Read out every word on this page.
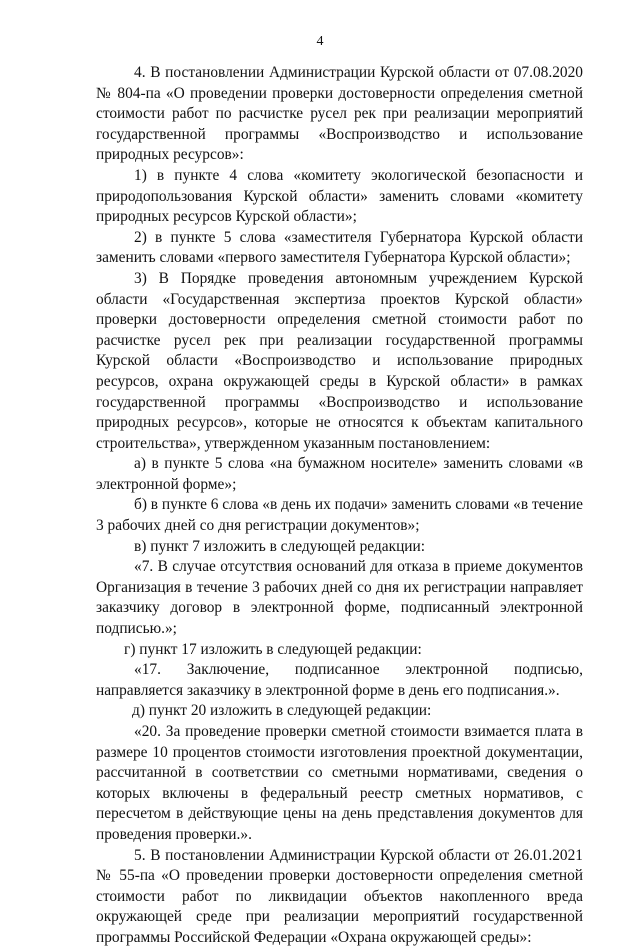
4

4. В постановлении Администрации Курской области от 07.08.2020 № 804-па «О проведении проверки достоверности определения сметной стоимости работ по расчистке русел рек при реализации мероприятий государственной программы «Воспроизводство и использование природных ресурсов»:

1) в пункте 4 слова «комитету экологической безопасности и природопользования Курской области» заменить словами «комитету природных ресурсов Курской области»;

2) в пункте 5 слова «заместителя Губернатора Курской области заменить словами «первого заместителя Губернатора Курской области»;

3) В Порядке проведения автономным учреждением Курской области «Государственная экспертиза проектов Курской области» проверки достоверности определения сметной стоимости работ по расчистке русел рек при реализации государственной программы Курской области «Воспроизводство и использование природных ресурсов, охрана окружающей среды в Курской области» в рамках государственной программы «Воспроизводство и использование природных ресурсов», которые не относятся к объектам капитального строительства», утвержденном указанным постановлением:

а) в пункте 5 слова «на бумажном носителе» заменить словами «в электронной форме»;

б) в пункте 6 слова «в день их подачи» заменить словами «в течение 3 рабочих дней со дня регистрации документов»;

в) пункт 7 изложить в следующей редакции:

«7. В случае отсутствия оснований для отказа в приеме документов Организация в течение 3 рабочих дней со дня их регистрации направляет заказчику договор в электронной форме, подписанный электронной подписью.»;

г) пункт 17 изложить в следующей редакции:

«17. Заключение, подписанное электронной подписью, направляется заказчику в электронной форме в день его подписания.».

д) пункт 20 изложить в следующей редакции:

«20. За проведение проверки сметной стоимости взимается плата в размере 10 процентов стоимости изготовления проектной документации, рассчитанной в соответствии со сметными нормативами, сведения о которых включены в федеральный реестр сметных нормативов, с пересчетом в действующие цены на день представления документов для проведения проверки.».

5. В постановлении Администрации Курской области от 26.01.2021 № 55-па «О проведении проверки достоверности определения сметной стоимости работ по ликвидации объектов накопленного вреда окружающей среде при реализации мероприятий государственной программы Российской Федерации «Охрана окружающей среды»:
